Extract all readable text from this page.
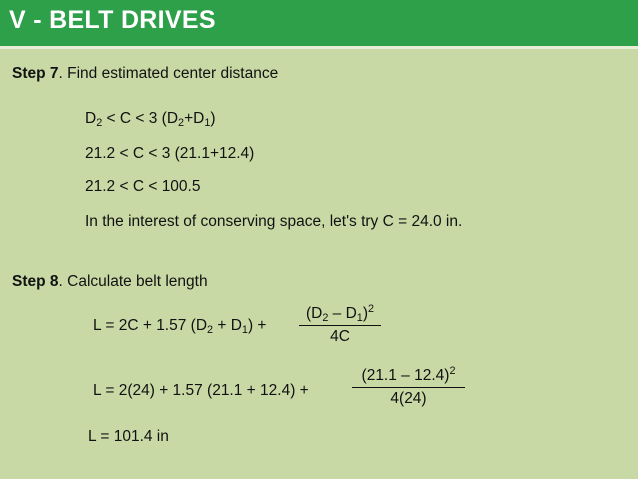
V - BELT DRIVES
Step 7. Find estimated center distance
$D_2 < C < 3$ $(D_2+D_1)$
21.2 < C < 3 (21.1+12.4)
21.2 < C < 100.5
In the interest of conserving space, let's try C = 24.0 in.
Step 8. Calculate belt length
L = 2C + 1.57 $(D_2 + D_1) + \frac{(D_2 - D_1)^2}{4C}$
L = 2(24) + 1.57 (21.1 + 12.4) +	$\frac{(21.1 - 12.4)^2}{4(24)}$
L = 101.4 in
